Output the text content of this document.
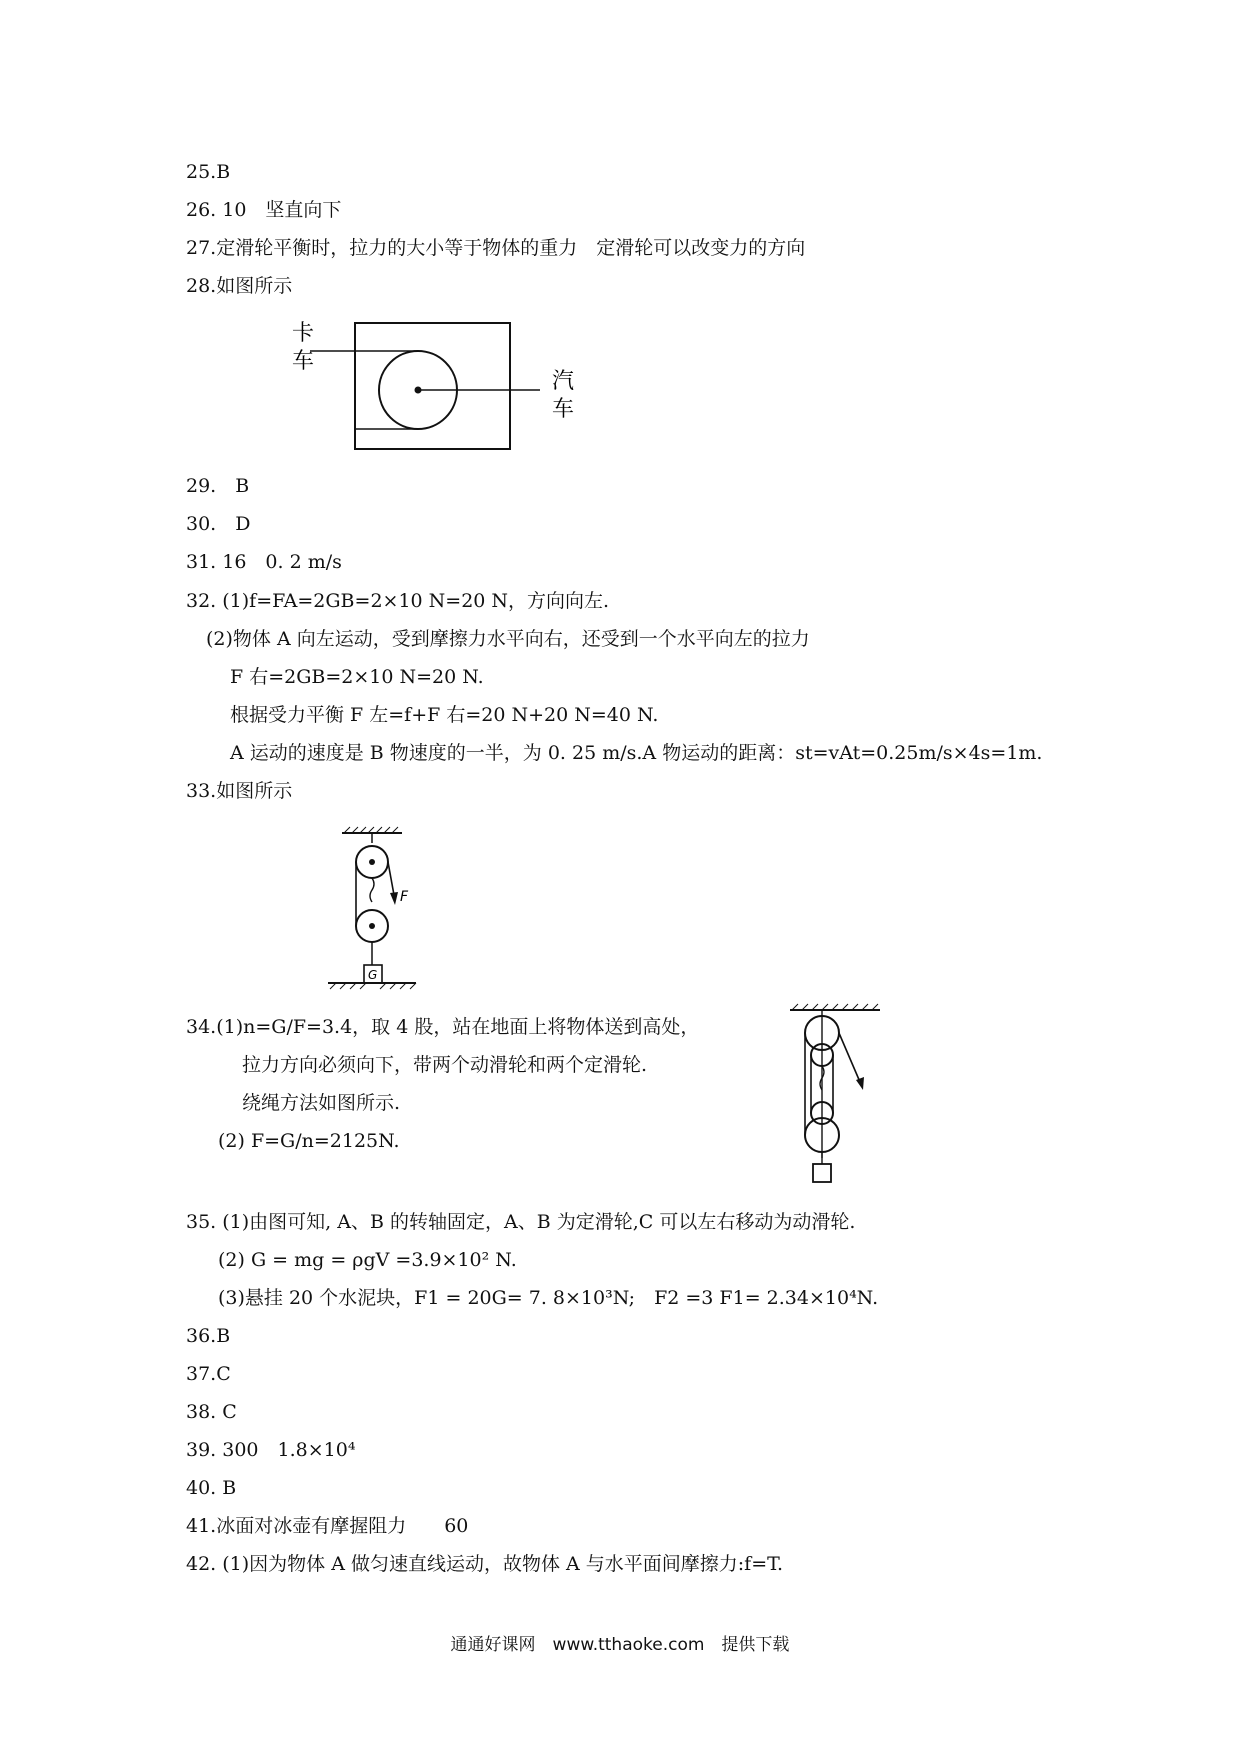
25.B
26. 10　坚直向下
27.定滑轮平衡时，拉力的大小等于物体的重力　定滑轮可以改变力的方向
28.如图所示
卡
车
汽
车
29.　B
30.　D
31. 16　0. 2 m/s
32. (1)f=FA=2GB=2×10 N=20 N，方向向左.
(2)物体 A 向左运动，受到摩擦力水平向右，还受到一个水平向左的拉力
F 右=2GB=2×10 N=20 N.
根据受力平衡 F 左=f+F 右=20 N+20 N=40 N.
A 运动的速度是 B 物速度的一半，为 0. 25 m/s.A 物运动的距离：st=vAt=0.25m/s×4s=1m.
33.如图所示
F
G
34.(1)n=G/F=3.4，取 4 股，站在地面上将物体送到高处，
拉力方向必须向下，带两个动滑轮和两个定滑轮.
绕绳方法如图所示.
(2) F=G/n=2125N.
35. (1)由图可知, A、B 的转轴固定，A、B 为定滑轮,C 可以左右移动为动滑轮.
(2) G = mg = ρgV =3.9×10² N.
(3)悬挂 20 个水泥块，F1 = 20G= 7. 8×10³N;　F2 =3 F1= 2.34×10⁴N.
36.B
37.C
38. C
39. 300　1.8×10⁴
40. B
41.冰面对冰壶有摩握阻力　　60
42. (1)因为物体 A 做匀速直线运动，故物体 A 与水平面间摩擦力:f=T.
通通好课网　www.tthaoke.com　提供下载
